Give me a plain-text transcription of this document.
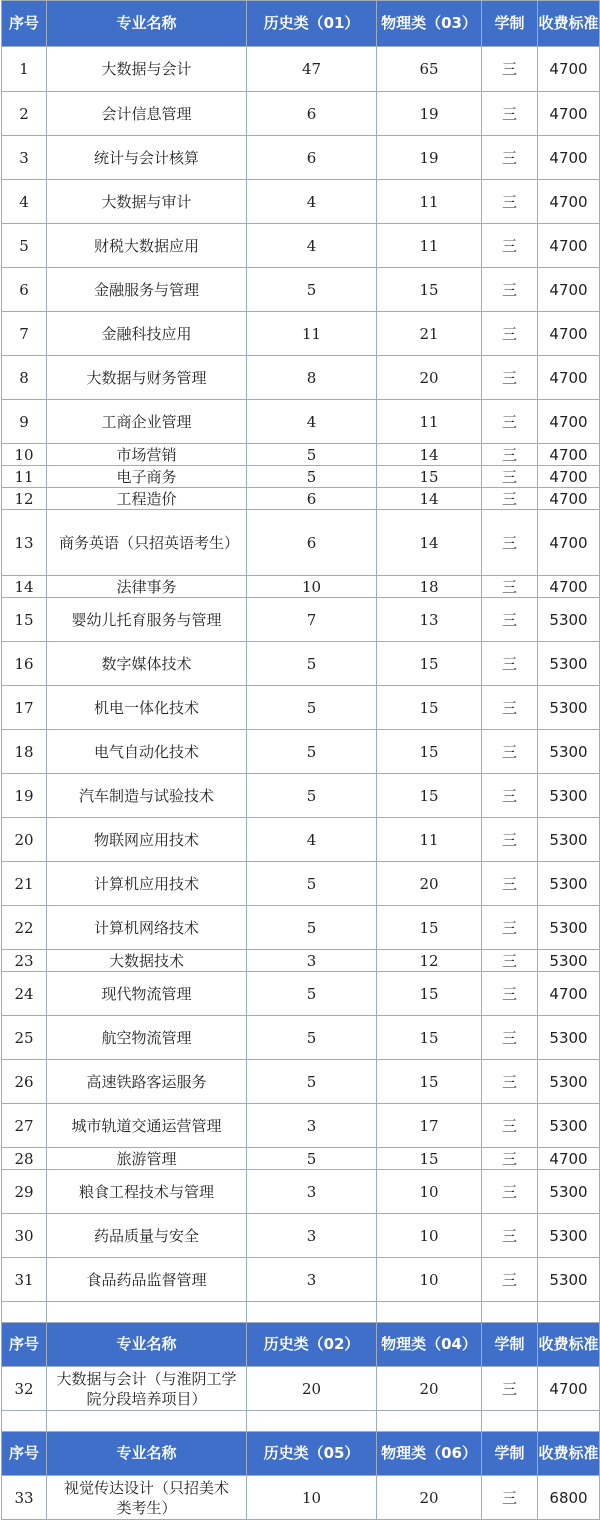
序号	专业名称	历史类（01）	物理类（03）	学制	收费标准
1	大数据与会计	47	65	三	4700
2	会计信息管理	6	19	三	4700
3	统计与会计核算	6	19	三	4700
4	大数据与审计	4	11	三	4700
5	财税大数据应用	4	11	三	4700
6	金融服务与管理	5	15	三	4700
7	金融科技应用	11	21	三	4700
8	大数据与财务管理	8	20	三	4700
9	工商企业管理	4	11	三	4700
10	市场营销	5	14	三	4700
11	电子商务	5	15	三	4700
12	工程造价	6	14	三	4700
13	商务英语（只招英语考生）	6	14	三	4700
14	法律事务	10	18	三	4700
15	婴幼儿托育服务与管理	7	13	三	5300
16	数字媒体技术	5	15	三	5300
17	机电一体化技术	5	15	三	5300
18	电气自动化技术	5	15	三	5300
19	汽车制造与试验技术	5	15	三	5300
20	物联网应用技术	4	11	三	5300
21	计算机应用技术	5	20	三	5300
22	计算机网络技术	5	15	三	5300
23	大数据技术	3	12	三	5300
24	现代物流管理	5	15	三	4700
25	航空物流管理	5	15	三	5300
26	高速铁路客运服务	5	15	三	5300
27	城市轨道交通运营管理	3	17	三	5300
28	旅游管理	5	15	三	4700
29	粮食工程技术与管理	3	10	三	5300
30	药品质量与安全	3	10	三	5300
31	食品药品监督管理	3	10	三	5300

序号	专业名称	历史类（02）	物理类（04）	学制	收费标准
32	大数据与会计（与淮阴工学院分段培养项目）	20	20	三	4700

序号	专业名称	历史类（05）	物理类（06）	学制	收费标准
33	视觉传达设计（只招美术类考生）	10	20	三	6800
